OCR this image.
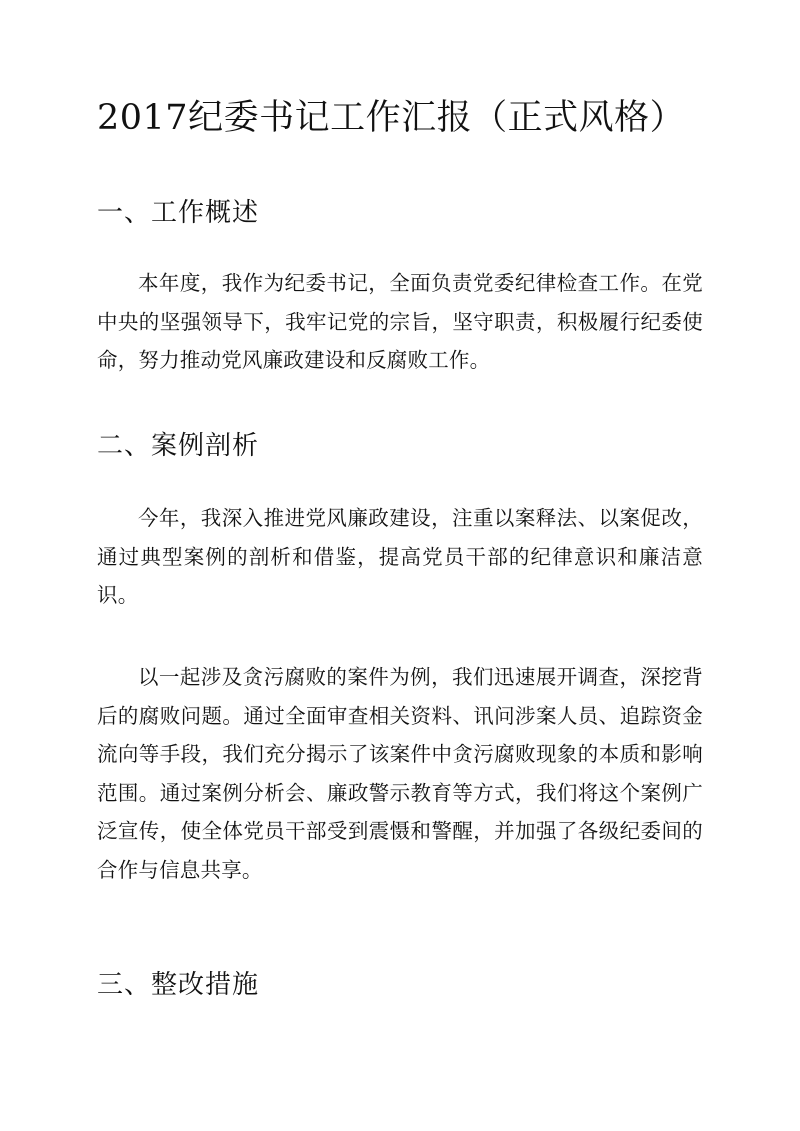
2017纪委书记工作汇报（正式风格）
一、工作概述

本年度，我作为纪委书记，全面负责党委纪律检查工作。在党中央的坚强领导下，我牢记党的宗旨，坚守职责，积极履行纪委使命，努力推动党风廉政建设和反腐败工作。

二、案例剖析

今年，我深入推进党风廉政建设，注重以案释法、以案促改，通过典型案例的剖析和借鉴，提高党员干部的纪律意识和廉洁意识。

以一起涉及贪污腐败的案件为例，我们迅速展开调查，深挖背后的腐败问题。通过全面审查相关资料、讯问涉案人员、追踪资金流向等手段，我们充分揭示了该案件中贪污腐败现象的本质和影响范围。通过案例分析会、廉政警示教育等方式，我们将这个案例广泛宣传，使全体党员干部受到震慑和警醒，并加强了各级纪委间的合作与信息共享。

三、整改措施
